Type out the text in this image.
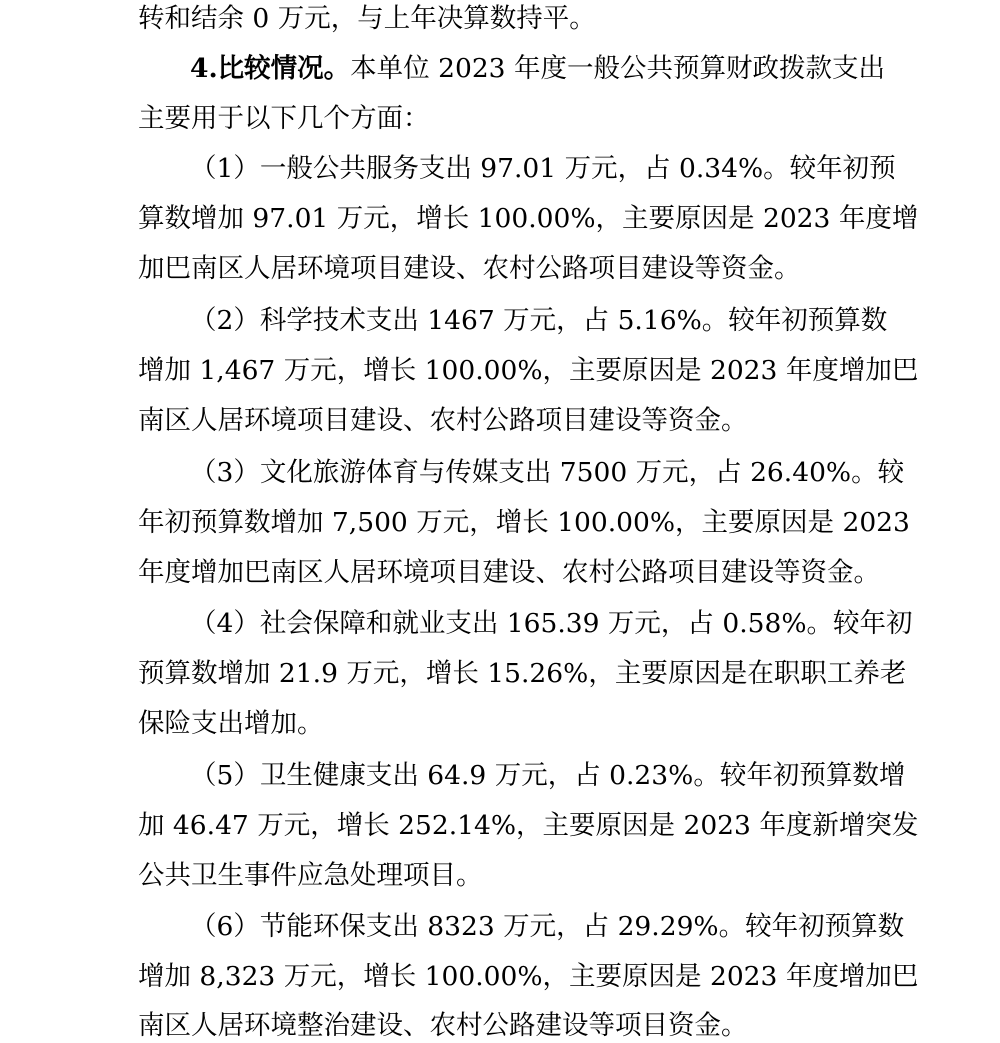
转和结余 0 万元，与上年决算数持平。
4.比较情况。本单位 2023 年度一般公共预算财政拨款支出
主要用于以下几个方面：
（1）一般公共服务支出 97.01 万元，占 0.34%。较年初预
算数增加 97.01 万元，增长 100.00%，主要原因是 2023 年度增
加巴南区人居环境项目建设、农村公路项目建设等资金。
（2）科学技术支出 1467 万元，占 5.16%。较年初预算数
增加 1,467 万元，增长 100.00%，主要原因是 2023 年度增加巴
南区人居环境项目建设、农村公路项目建设等资金。
（3）文化旅游体育与传媒支出 7500 万元，占 26.40%。较
年初预算数增加 7,500 万元，增长 100.00%，主要原因是 2023
年度增加巴南区人居环境项目建设、农村公路项目建设等资金。
（4）社会保障和就业支出 165.39 万元，占 0.58%。较年初
预算数增加 21.9 万元，增长 15.26%，主要原因是在职职工养老
保险支出增加。
（5）卫生健康支出 64.9 万元，占 0.23%。较年初预算数增
加 46.47 万元，增长 252.14%，主要原因是 2023 年度新增突发
公共卫生事件应急处理项目。
（6）节能环保支出 8323 万元，占 29.29%。较年初预算数
增加 8,323 万元，增长 100.00%，主要原因是 2023 年度增加巴
南区人居环境整治建设、农村公路建设等项目资金。
